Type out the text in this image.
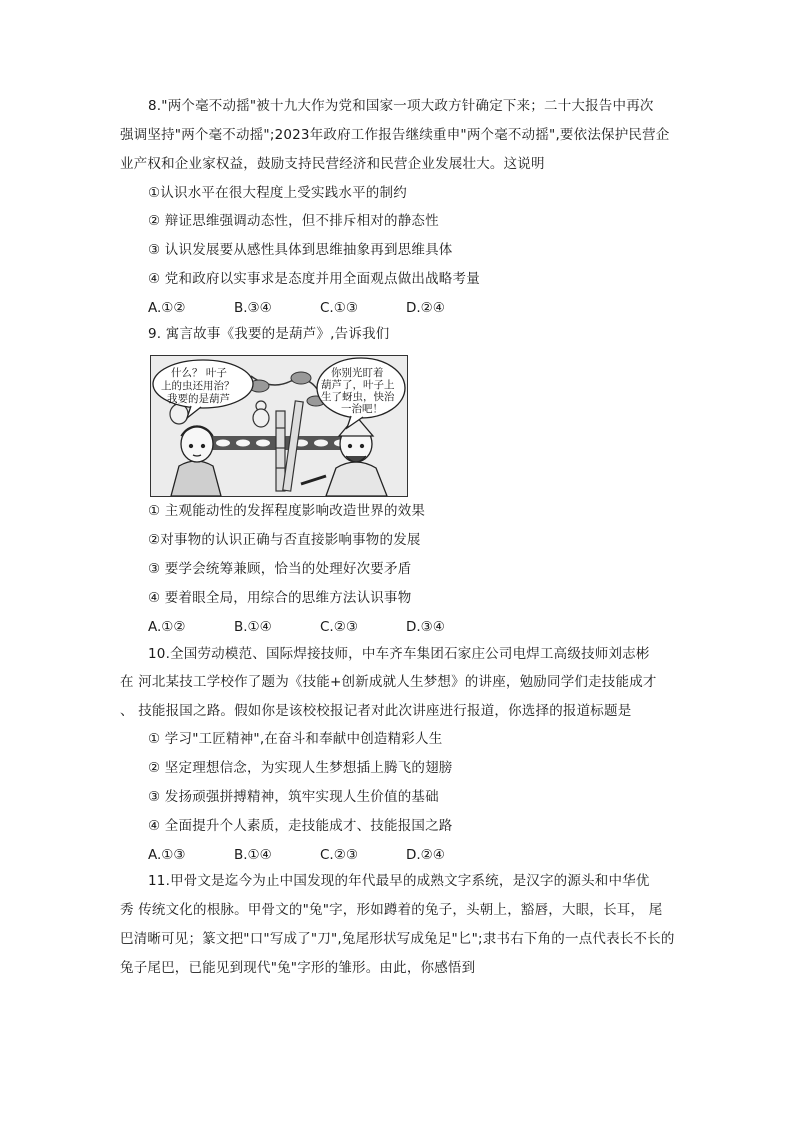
8."两个毫不动摇"被十九大作为党和国家一项大政方针确定下来；二十大报告中再次
强调坚持"两个毫不动摇";2023年政府工作报告继续重申"两个毫不动摇",要依法保护民营企
业产权和企业家权益，鼓励支持民营经济和民营企业发展壮大。这说明
①认识水平在很大程度上受实践水平的制约
② 辩证思维强调动态性，但不排斥相对的静态性
③ 认识发展要从感性具体到思维抽象再到思维具体
④ 党和政府以实事求是态度并用全面观点做出战略考量
A.①②	B.③④	C.①③	D.②④
9. 寓言故事《我要的是葫芦》,告诉我们
什么？ 叶子
上的虫还用治？
我要的是葫芦
你别光盯着
葫芦了，叶子上
生了蚜虫，快治
一治吧！
① 主观能动性的发挥程度影响改造世界的效果
②对事物的认识正确与否直接影响事物的发展
③ 要学会统筹兼顾，恰当的处理好次要矛盾
④ 要着眼全局，用综合的思维方法认识事物
A.①②	B.①④	C.②③	D.③④
10.全国劳动模范、国际焊接技师，中车齐车集团石家庄公司电焊工高级技师刘志彬
在 河北某技工学校作了题为《技能+创新成就人生梦想》的讲座，勉励同学们走技能成才
、 技能报国之路。假如你是该校校报记者对此次讲座进行报道，你选择的报道标题是
① 学习"工匠精神",在奋斗和奉献中创造精彩人生
② 坚定理想信念，为实现人生梦想插上腾飞的翅膀
③ 发扬顽强拼搏精神，筑牢实现人生价值的基础
④ 全面提升个人素质，走技能成才、技能报国之路
A.①③	B.①④	C.②③	D.②④
11.甲骨文是迄今为止中国发现的年代最早的成熟文字系统，是汉字的源头和中华优
秀 传统文化的根脉。甲骨文的"兔"字，形如蹲着的兔子，头朝上，豁唇，大眼，长耳， 尾
巴清晰可见；篆文把"口"写成了"刀",兔尾形状写成兔足"匕";隶书右下角的一点代表长不长的
兔子尾巴，已能见到现代"兔"字形的雏形。由此，你感悟到
